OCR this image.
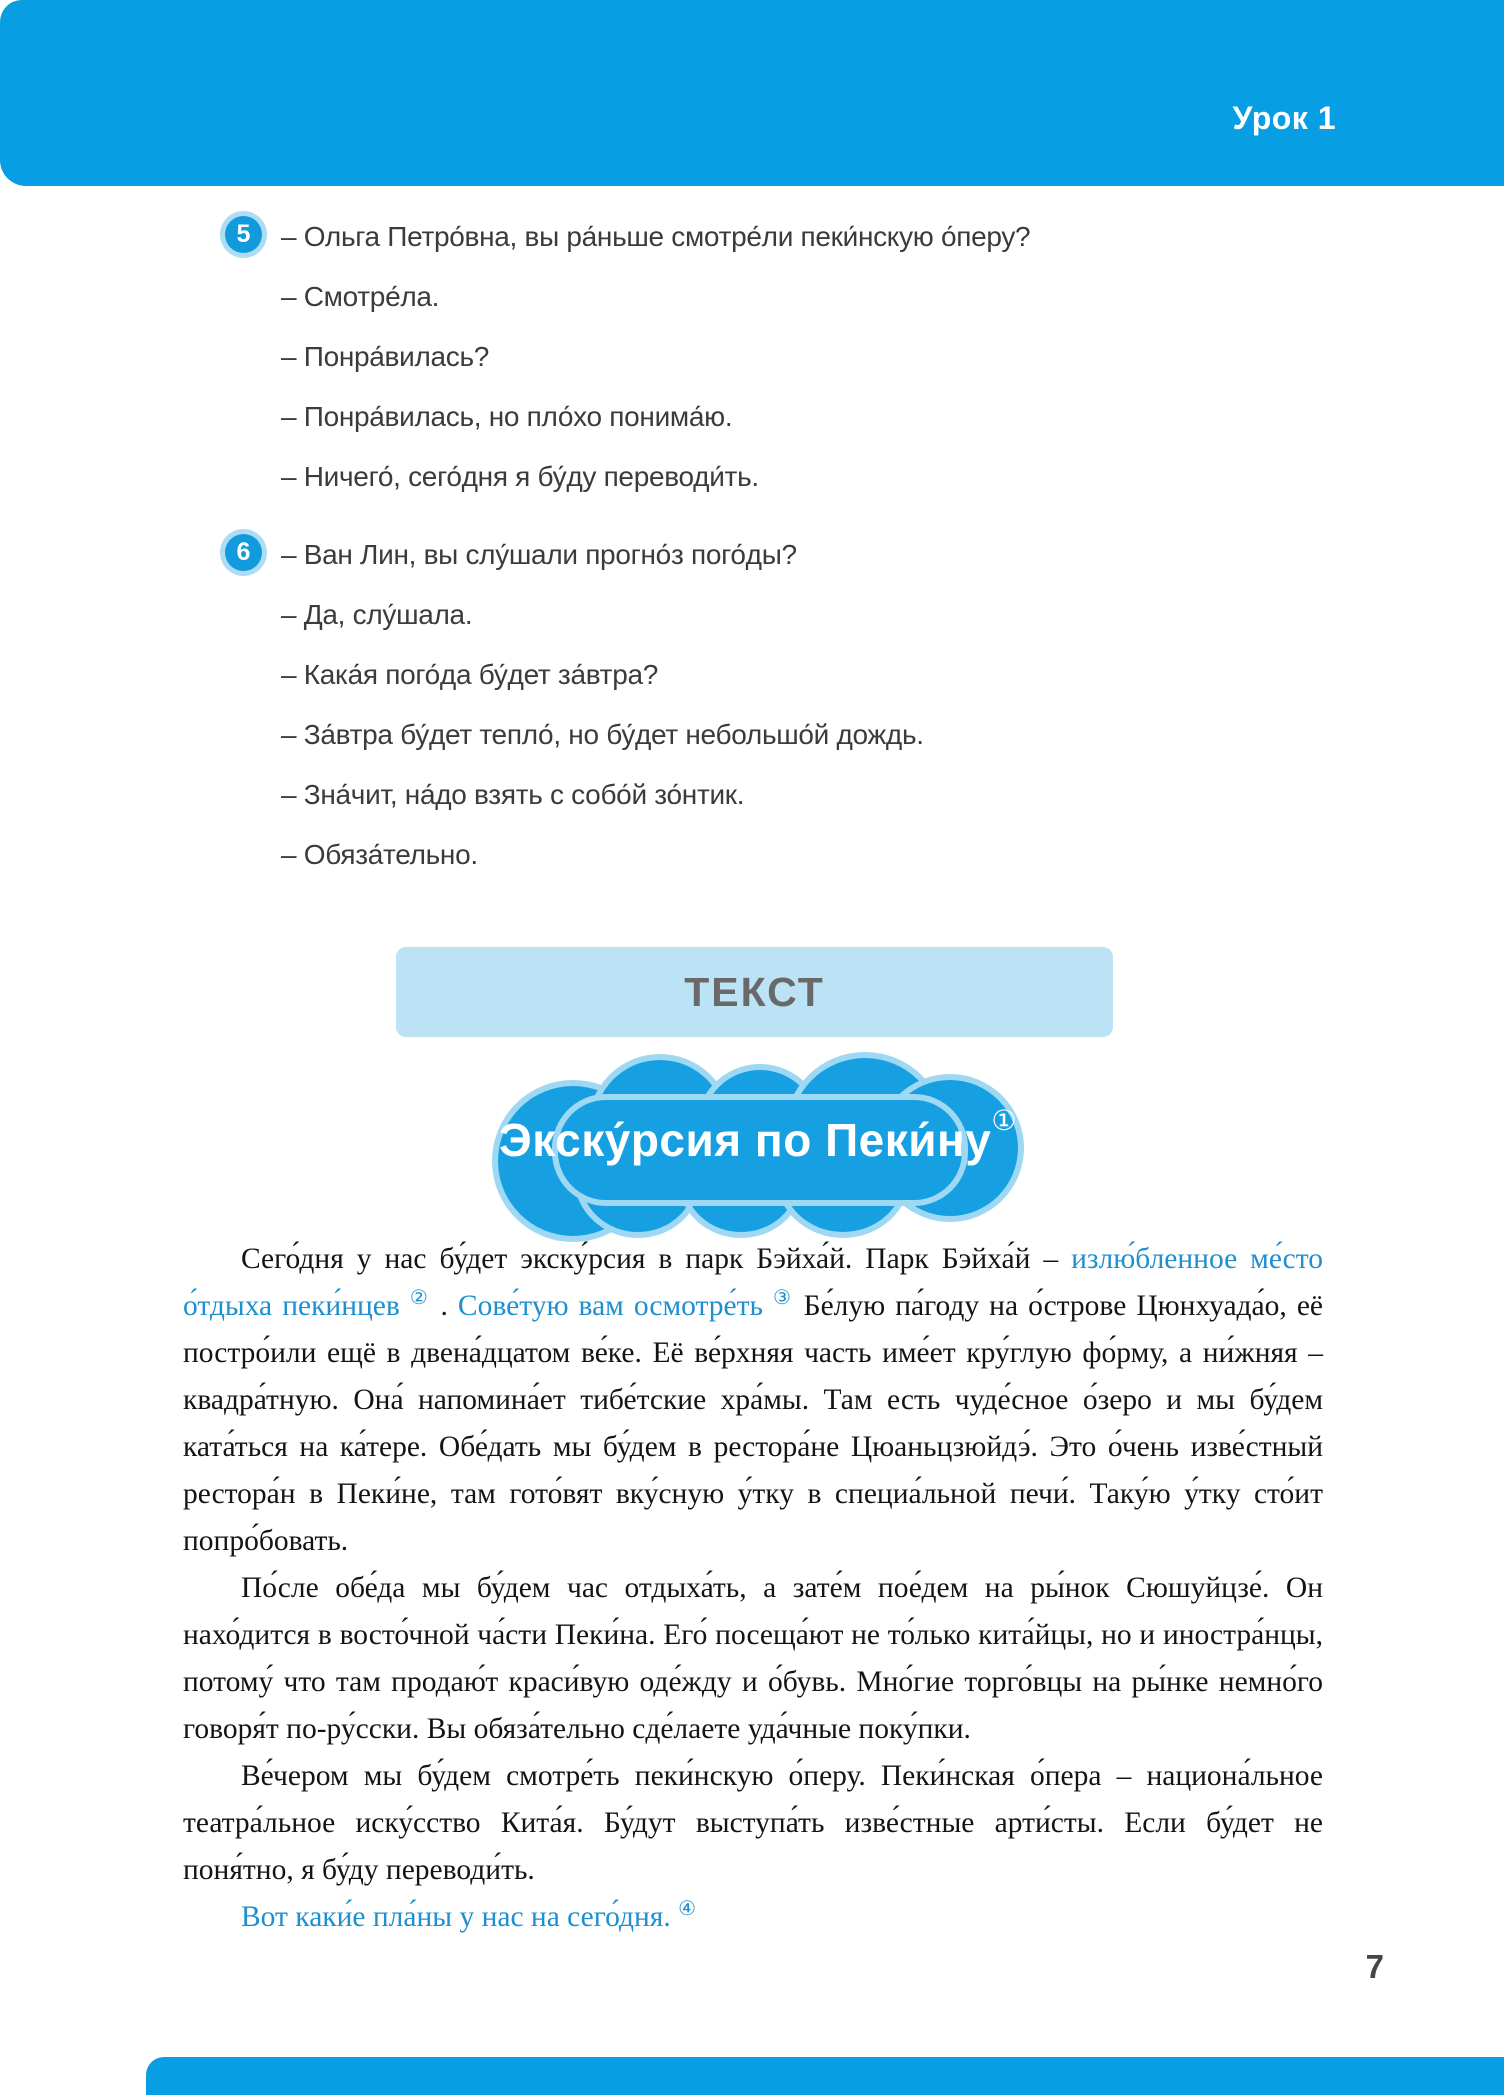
Урок 1
5	– Ольга Петро́вна, вы ра́ньше смотре́ли пеки́нскую о́перу?
– Смотре́ла.
– Понра́вилась?
– Понра́вилась, но пло́хо понима́ю.
– Ничего́, сего́дня я бу́ду переводи́ть.
6	– Ван Лин, вы слу́шали прогно́з пого́ды?
– Да, слу́шала.
– Кака́я пого́да бу́дет за́втра?
– За́втра бу́дет тепло́, но бу́дет небольшо́й дождь.
– Зна́чит, на́до взять с собо́й зо́нтик.
– Обяза́тельно.
ТЕКСТ
Экску́рсия по Пеки́ну①

Сего́дня у нас бу́дет экску́рсия в парк Бэйха́й. Парк Бэйха́й – излю́бленное ме́сто о́тдыха пеки́нцев ② . Сове́тую вам осмотре́ть ③ Бе́лую па́году на о́строве Цюнхуада́о, её постро́или ещё в двена́дцатом ве́ке. Её ве́рхняя часть име́ет кру́глую фо́рму, а ни́жняя – квадра́тную. Она́ напомина́ет тибе́тские хра́мы. Там есть чуде́сное о́зеро и мы бу́дем ката́ться на ка́тере. Обе́дать мы бу́дем в рестора́не Цюаньцзюйдэ́. Это о́чень изве́стный рестора́н в Пеки́не, там гото́вят вку́сную у́тку в специа́льной печи́. Таку́ю у́тку сто́ит попро́бовать.

По́сле обе́да мы бу́дем час отдыха́ть, а зате́м пое́дем на ры́нок Сюшуйцзе́. Он нахо́дится в восто́чной ча́сти Пеки́на. Его́ посеща́ют не то́лько кита́йцы, но и иностра́нцы, потому́ что там продаю́т краси́вую оде́жду и о́бувь. Мно́гие торго́вцы на ры́нке немно́го говоря́т по-ру́сски. Вы обяза́тельно сде́лаете уда́чные поку́пки.

Ве́чером мы бу́дем смотре́ть пеки́нскую о́перу. Пеки́нская о́пера – национа́льное театра́льное иску́сство Кита́я. Бу́дут выступа́ть изве́стные арти́сты. Если бу́дет не поня́тно, я бу́ду переводи́ть.

Вот каки́е пла́ны у нас на сего́дня. ④

7
